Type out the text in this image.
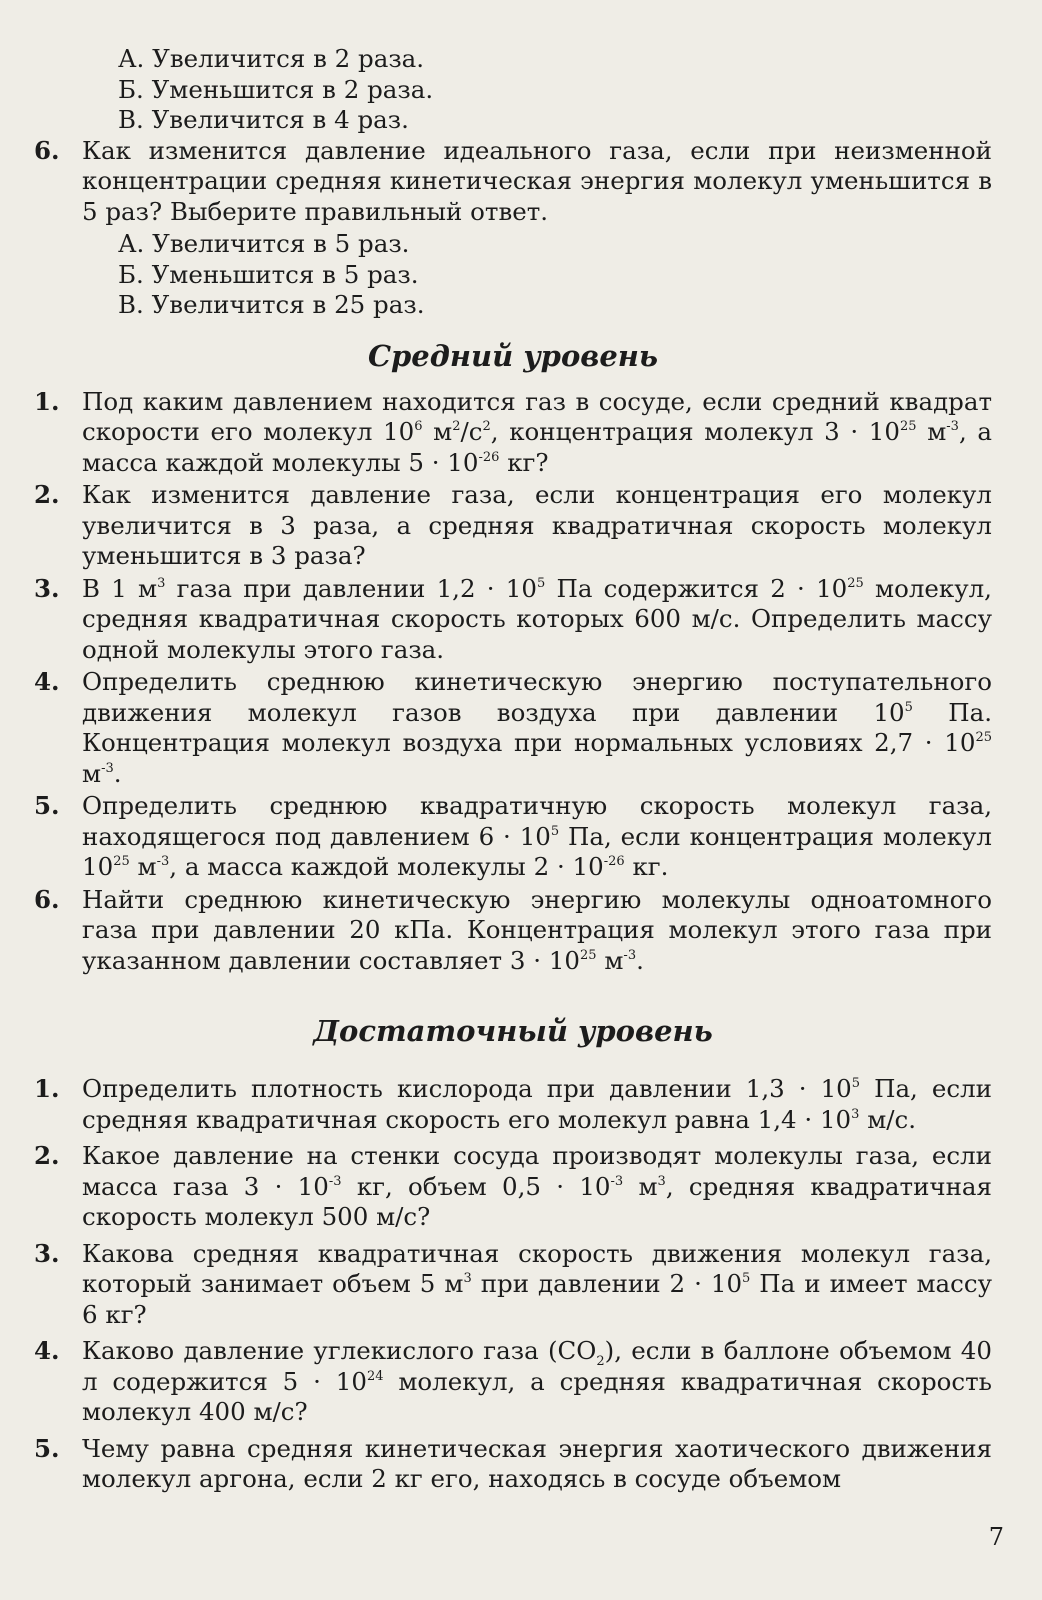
А. Увеличится в 2 раза.

Б. Уменьшится в 2 раза.

В. Увеличится в 4 раз.

6. Как изменится давление идеального газа, если при неизменной концентрации средняя кинетическая энергия молекул уменьшится в 5 раз? Выберите правильный ответ.

А. Увеличится в 5 раз.

Б. Уменьшится в 5 раз.

В. Увеличится в 25 раз.

Средний уровень
1. Под каким давлением находится газ в сосуде, если средний квадрат скорости его молекул $10^6$ $м^2/с^2$, концентрация молекул $3 \cdot 10^{25}$ $м^{-3}$, а масса каждой молекулы $5 \cdot 10^{-26}$ кг?
2. Как изменится давление газа, если концентрация его молекул увеличится в 3 раза, а средняя квадратичная скорость молекул уменьшится в 3 раза?
3. В 1 $м^3$ газа при давлении $1,2 \cdot 10^5$ Па содержится $2 \cdot 10^{25}$ молекул, средняя квадратичная скорость которых 600 м/с. Определить массу одной молекулы этого газа.
4. Определить среднюю кинетическую энергию поступательного движения молекул газов воздуха при давлении $10^5$ Па. Концентрация молекул воздуха при нормальных условиях $2,7 \cdot 10^{25}$ $м^{-3}$.
5. Определить среднюю квадратичную скорость молекул газа, находящегося под давлением $6 \cdot 10^5$ Па, если концентрация молекул $10^{25}$ $м^{-3}$, а масса каждой молекулы $2 \cdot 10^{-26}$ кг.
6. Найти среднюю кинетическую энергию молекулы одноатомного газа при давлении 20 кПа. Концентрация молекул этого газа при указанном давлении составляет $3 \cdot 10^{25}$ $м^{-3}$.
Достаточный уровень
1. Определить плотность кислорода при давлении $1,3 \cdot 10^5$ Па, если средняя квадратичная скорость его молекул равна $1,4 \cdot 10^3$ м/с.
2. Какое давление на стенки сосуда производят молекулы газа, если масса газа $3 \cdot 10^{-3}$ кг, объем $0,5 \cdot 10^{-3}$ $м^3$, средняя квадратичная скорость молекул 500 м/с?
3. Какова средняя квадратичная скорость движения молекул газа, который занимает объем 5 $м^3$ при давлении $2 \cdot 10^5$ Па и имеет массу 6 кг?
4. Каково давление углекислого газа $(CO_2)$, если в баллоне объемом 40 л содержится $5 \cdot 10^{24}$ молекул, а средняя квадратичная скорость молекул 400 м/с?
5. Чему равна средняя кинетическая энергия хаотического движения молекул аргона, если 2 кг его, находясь в сосуде объемом
7
